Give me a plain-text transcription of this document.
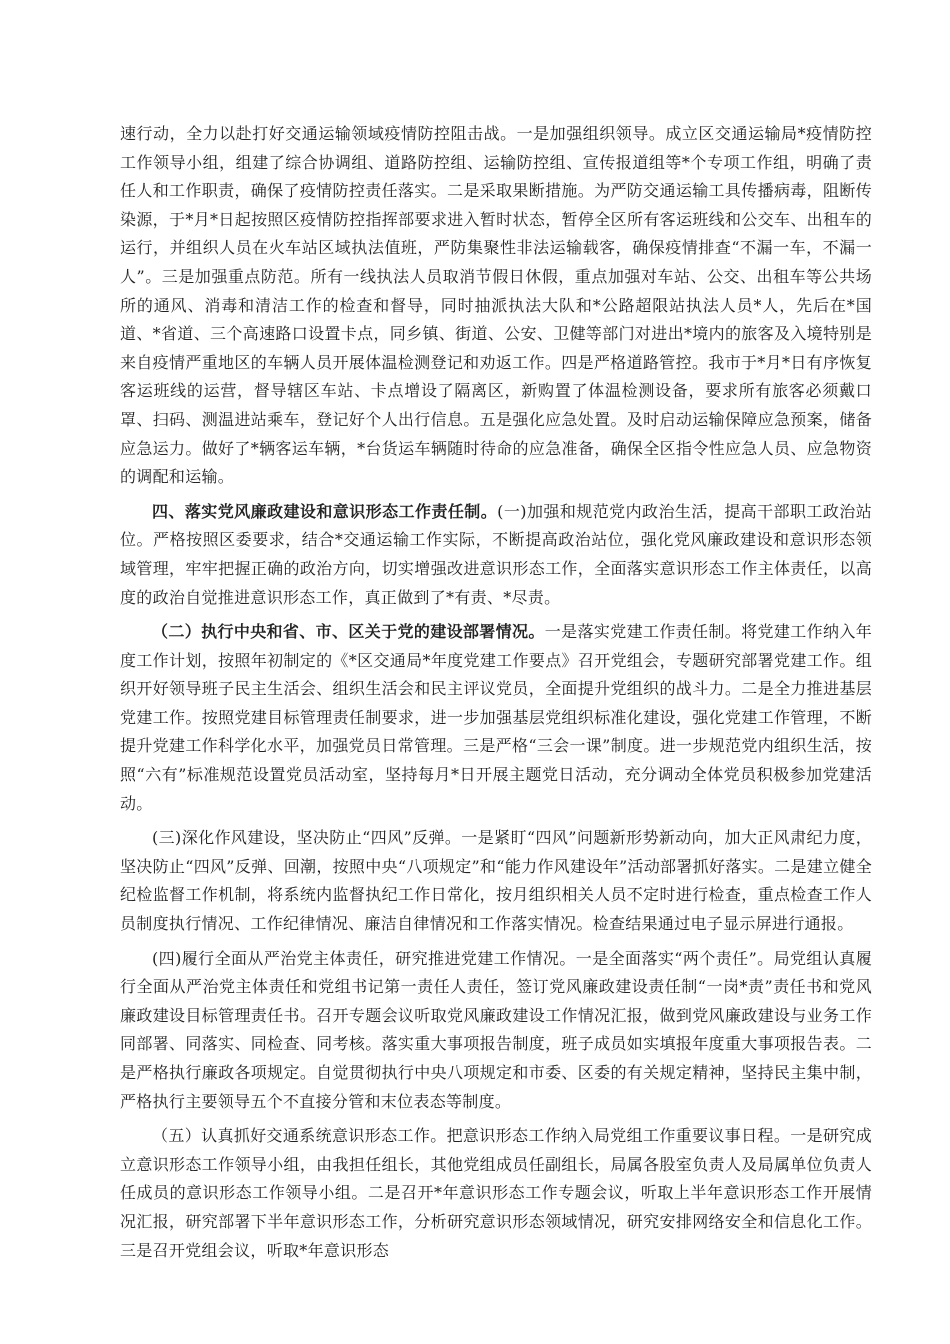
速行动，全力以赴打好交通运输领域疫情防控阻击战。一是加强组织领导。成立区交通运输局*疫情防控工作领导小组，组建了综合协调组、道路防控组、运输防控组、宣传报道组等*个专项工作组，明确了责任人和工作职责，确保了疫情防控责任落实。二是采取果断措施。为严防交通运输工具传播病毒，阻断传染源，于*月*日起按照区疫情防控指挥部要求进入暂时状态，暂停全区所有客运班线和公交车、出租车的运行，并组织人员在火车站区域执法值班，严防集聚性非法运输载客，确保疫情排查“不漏一车，不漏一人”。三是加强重点防范。所有一线执法人员取消节假日休假，重点加强对车站、公交、出租车等公共场所的通风、消毒和清洁工作的检查和督导，同时抽派执法大队和*公路超限站执法人员*人，先后在*国道、*省道、三个高速路口设置卡点，同乡镇、街道、公安、卫健等部门对进出*境内的旅客及入境特别是来自疫情严重地区的车辆人员开展体温检测登记和劝返工作。四是严格道路管控。我市于*月*日有序恢复客运班线的运营，督导辖区车站、卡点增设了隔离区，新购置了体温检测设备，要求所有旅客必须戴口罩、扫码、测温进站乘车，登记好个人出行信息。五是强化应急处置。及时启动运输保障应急预案，储备应急运力。做好了*辆客运车辆，*台货运车辆随时待命的应急准备，确保全区指令性应急人员、应急物资的调配和运输。

四、落实党风廉政建设和意识形态工作责任制。(一)加强和规范党内政治生活，提高干部职工政治站位。严格按照区委要求，结合*交通运输工作实际，不断提高政治站位，强化党风廉政建设和意识形态领域管理，牢牢把握正确的政治方向，切实增强改进意识形态工作，全面落实意识形态工作主体责任，以高度的政治自觉推进意识形态工作，真正做到了*有责、*尽责。

（二）执行中央和省、市、区关于党的建设部署情况。一是落实党建工作责任制。将党建工作纳入年度工作计划，按照年初制定的《*区交通局*年度党建工作要点》召开党组会，专题研究部署党建工作。组织开好领导班子民主生活会、组织生活会和民主评议党员，全面提升党组织的战斗力。二是全力推进基层党建工作。按照党建目标管理责任制要求，进一步加强基层党组织标准化建设，强化党建工作管理，不断提升党建工作科学化水平，加强党员日常管理。三是严格“三会一课”制度。进一步规范党内组织生活，按照“六有”标准规范设置党员活动室，坚持每月*日开展主题党日活动，充分调动全体党员积极参加党建活动。

(三)深化作风建设，坚决防止“四风”反弹。一是紧盯“四风”问题新形势新动向，加大正风肃纪力度，坚决防止“四风”反弹、回潮，按照中央“八项规定”和“能力作风建设年”活动部署抓好落实。二是建立健全纪检监督工作机制，将系统内监督执纪工作日常化，按月组织相关人员不定时进行检查，重点检查工作人员制度执行情况、工作纪律情况、廉洁自律情况和工作落实情况。检查结果通过电子显示屏进行通报。

(四)履行全面从严治党主体责任，研究推进党建工作情况。一是全面落实“两个责任”。局党组认真履行全面从严治党主体责任和党组书记第一责任人责任，签订党风廉政建设责任制“一岗*责”责任书和党风廉政建设目标管理责任书。召开专题会议听取党风廉政建设工作情况汇报，做到党风廉政建设与业务工作同部署、同落实、同检查、同考核。落实重大事项报告制度，班子成员如实填报年度重大事项报告表。二是严格执行廉政各项规定。自觉贯彻执行中央八项规定和市委、区委的有关规定精神，坚持民主集中制，严格执行主要领导五个不直接分管和末位表态等制度。

（五）认真抓好交通系统意识形态工作。把意识形态工作纳入局党组工作重要议事日程。一是研究成立意识形态工作领导小组，由我担任组长，其他党组成员任副组长，局属各股室负责人及局属单位负责人任成员的意识形态工作领导小组。二是召开*年意识形态工作专题会议，听取上半年意识形态工作开展情况汇报，研究部署下半年意识形态工作，分析研究意识形态领域情况，研究安排网络安全和信息化工作。三是召开党组会议，听取*年意识形态
